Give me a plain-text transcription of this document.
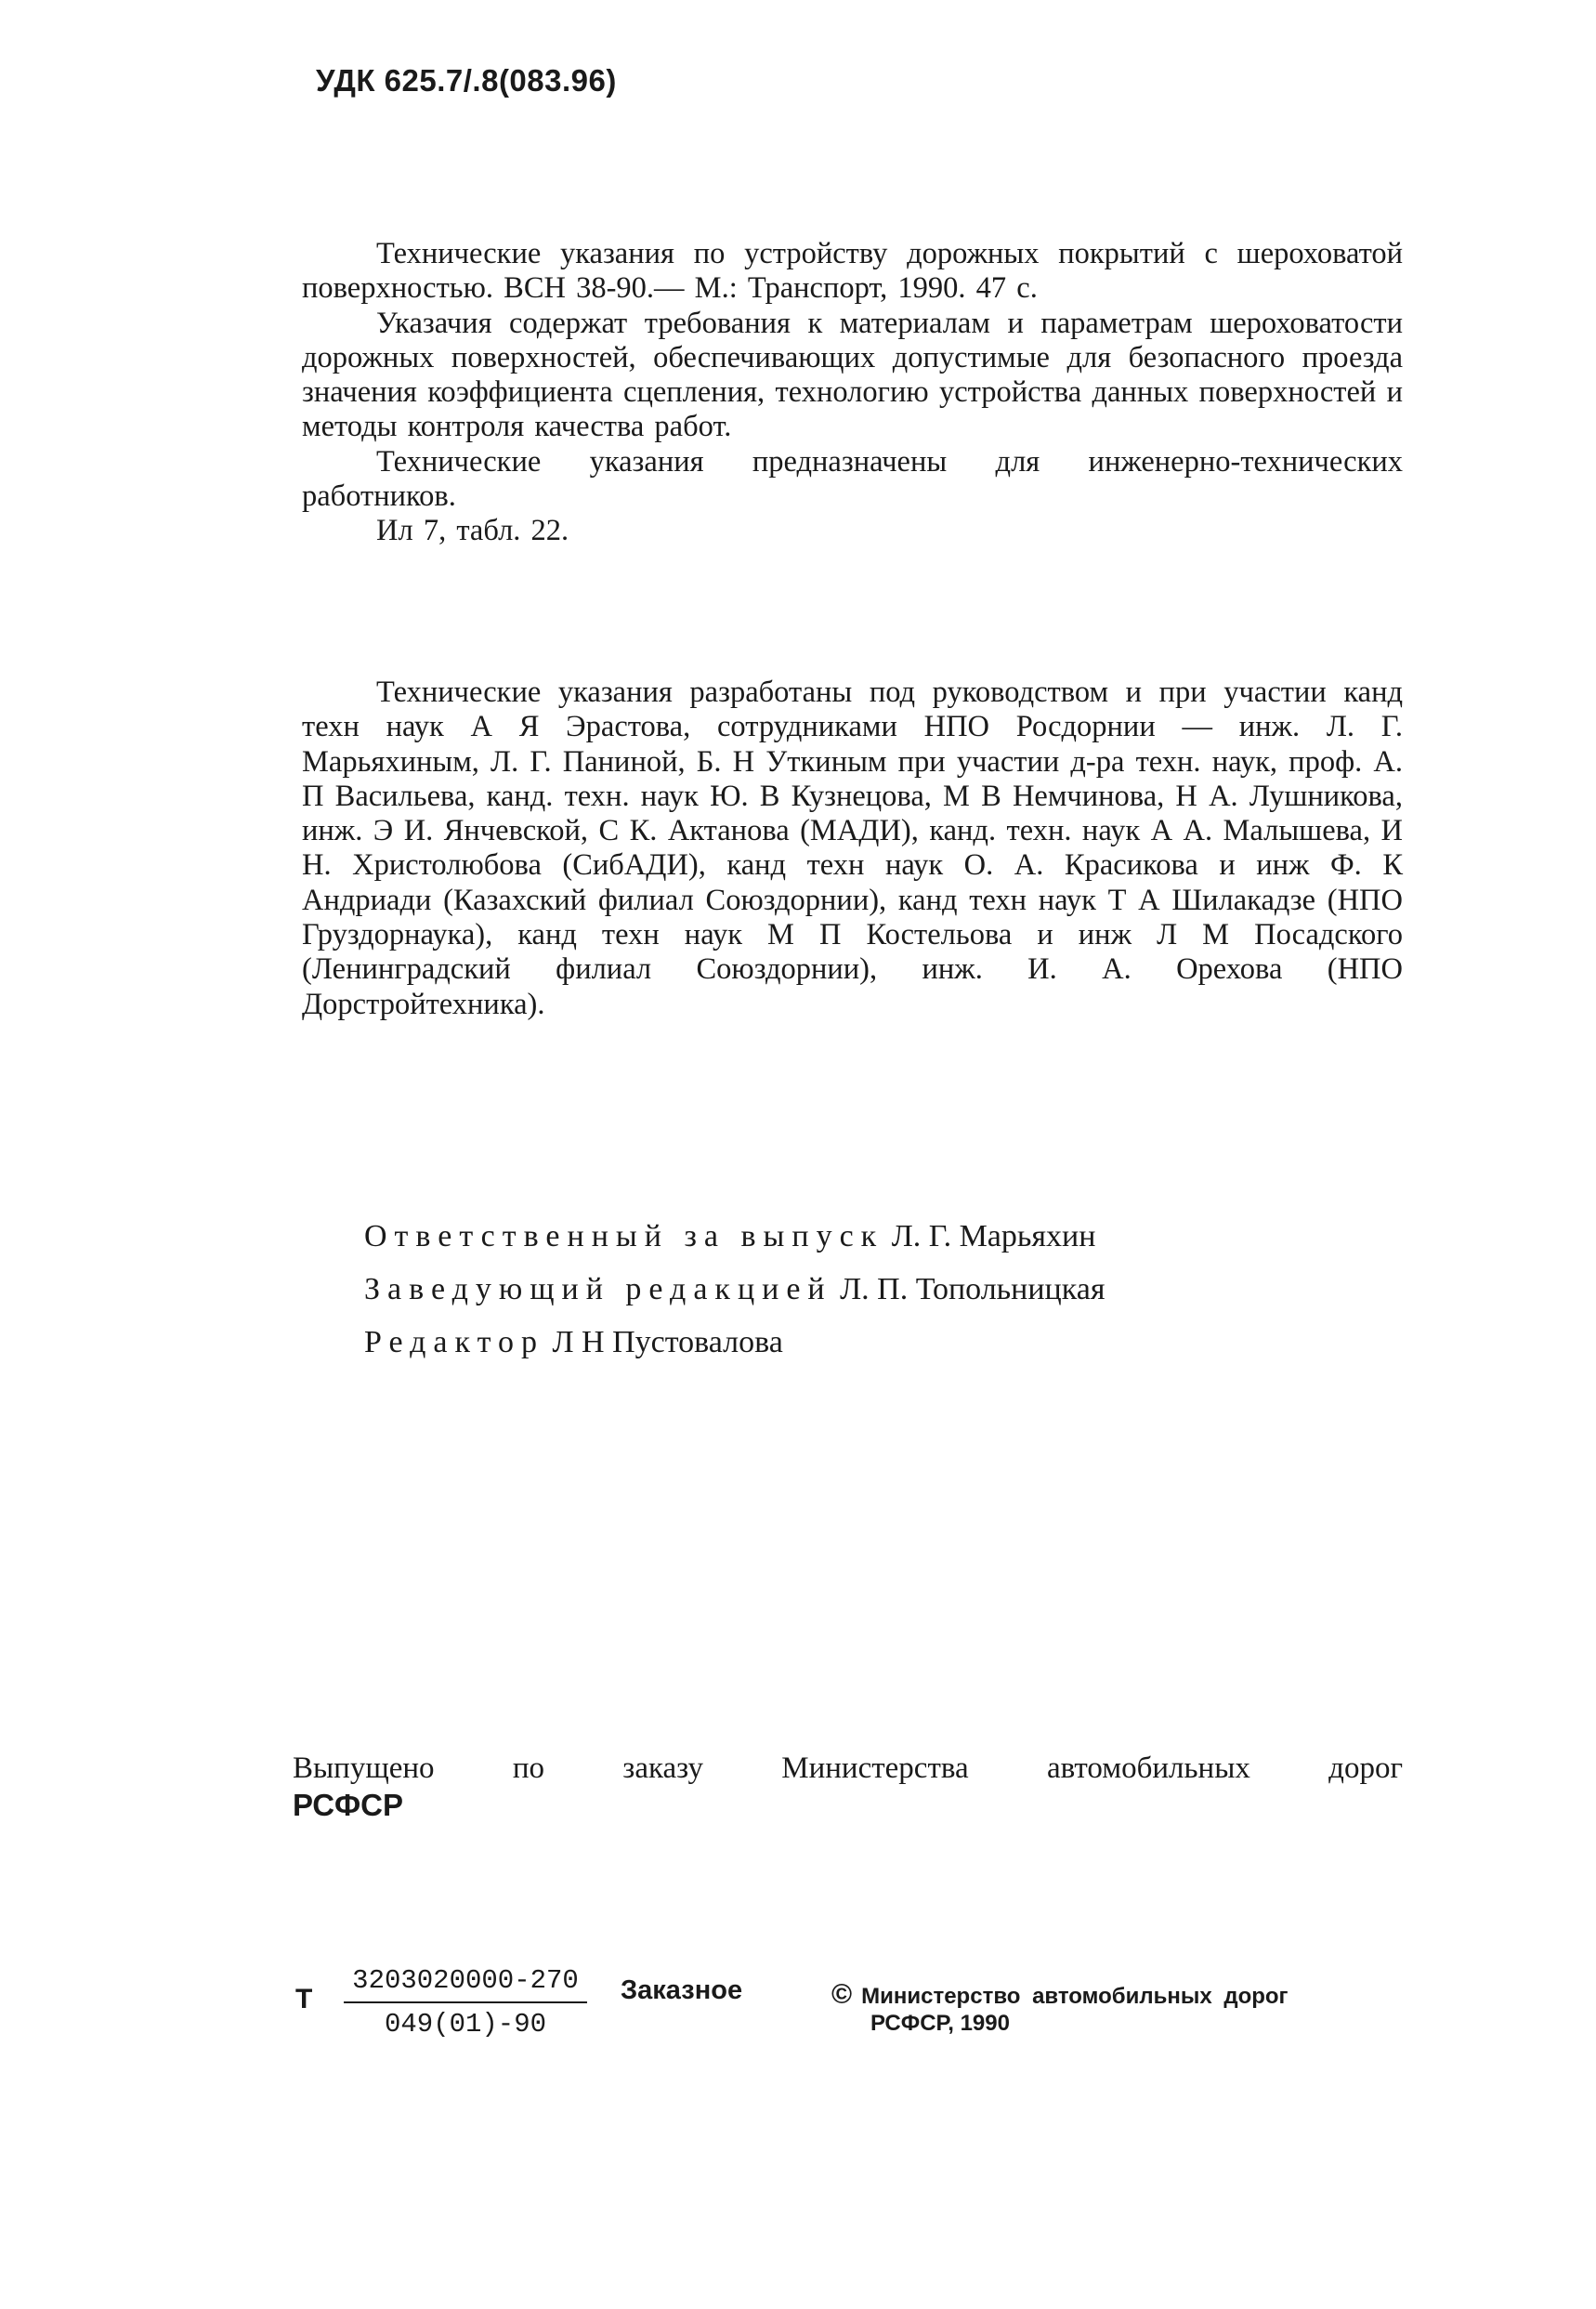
УДК 625.7/.8(083.96)

Технические указания по устройству дорожных покрытий с шероховатой поверхностью. ВСН 38-90.— М.: Транспорт, 1990. 47 с.

Указачия содержат требования к материалам и параметрам шероховатости дорожных поверхностей, обеспечивающих допустимые для безопасного проезда значения коэффициента сцепления, технологию устройства данных поверхностей и методы контроля качества работ.

Технические указания предназначены для инженерно-технических работников.

Ил 7, табл. 22.

Технические указания разработаны под руководством и при участии канд техн наук А Я Эрастова, сотрудниками НПО Росдорнии — инж. Л. Г. Марьяхиным, Л. Г. Паниной, Б. Н Уткиным при участии д-ра техн. наук, проф. А. П Васильева, канд. техн. наук Ю. В Кузнецова, М В Немчинова, Н А. Лушникова, инж. Э И. Янчевской, С К. Актанова (МАДИ), канд. техн. наук А А. Малышева, И Н. Христолюбова (СибАДИ), канд техн наук О. А. Красикова и инж Ф. К Андриади (Казахский филиал Союздорнии), канд техн наук Т А Шилакадзе (НПО Груздорнаука), канд техн наук М П Костельова и инж Л М Посадского (Ленинградский филиал Союздорнии), инж. И. А. Орехова (НПО Дорстройтехника).

Ответственный за выпуск Л. Г. Марьяхин
Заведующий редакцией Л. П. Топольницкая
Редактор Л Н Пустовалова
Выпущено по заказу Министерства автомобильных дорог
РСФСР
Т $\frac{3203020000-270}{049(01)-90}$ Заказное	© Министерство автомобильных дорог
РСФСР, 1990
